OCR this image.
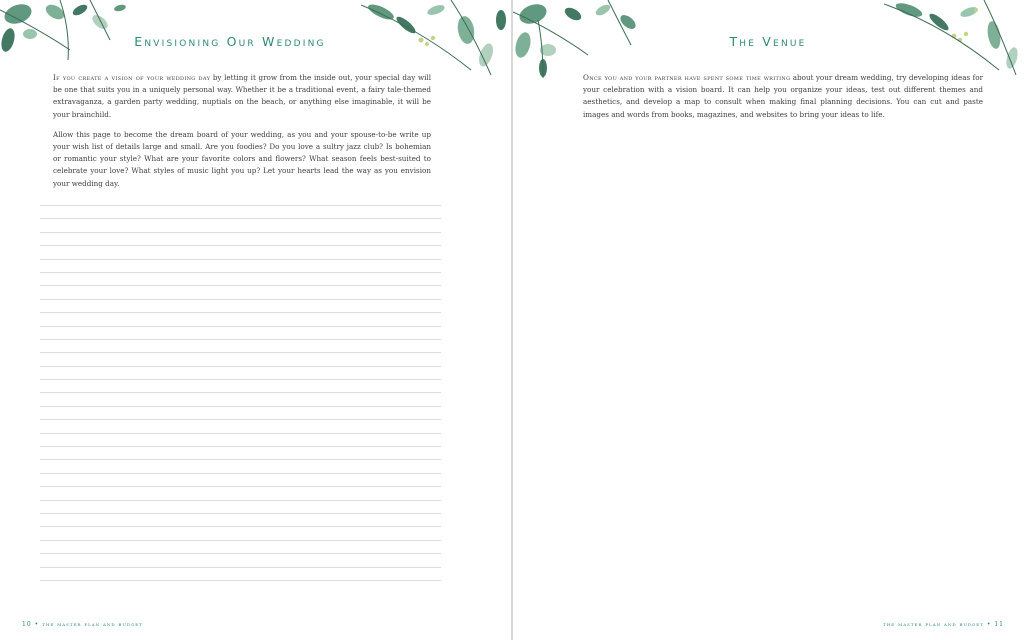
Envisioning Our Wedding

If you create a vision of your wedding day by letting it grow from the inside out, your special day will be one that suits you in a uniquely personal way. Whether it be a traditional event, a fairy tale-themed extravaganza, a garden party wedding, nuptials on the beach, or anything else imaginable, it will be your brainchild.

Allow this page to become the dream board of your wedding, as you and your spouse-to-be write up your wish list of details large and small. Are you foodies? Do you love a sultry jazz club? Is bohemian or romantic your style? What are your favorite colors and flowers? What season feels best-suited to celebrate your love? What styles of music light you up? Let your hearts lead the way as you envision your wedding day.

10 • the master plan and budget
The Venue

Once you and your partner have spent some time writing about your dream wedding, try developing ideas for your celebration with a vision board. It can help you organize your ideas, test out different themes and aesthetics, and develop a map to consult when making final planning decisions. You can cut and paste images and words from books, magazines, and websites to bring your ideas to life.

the master plan and budget • 11
